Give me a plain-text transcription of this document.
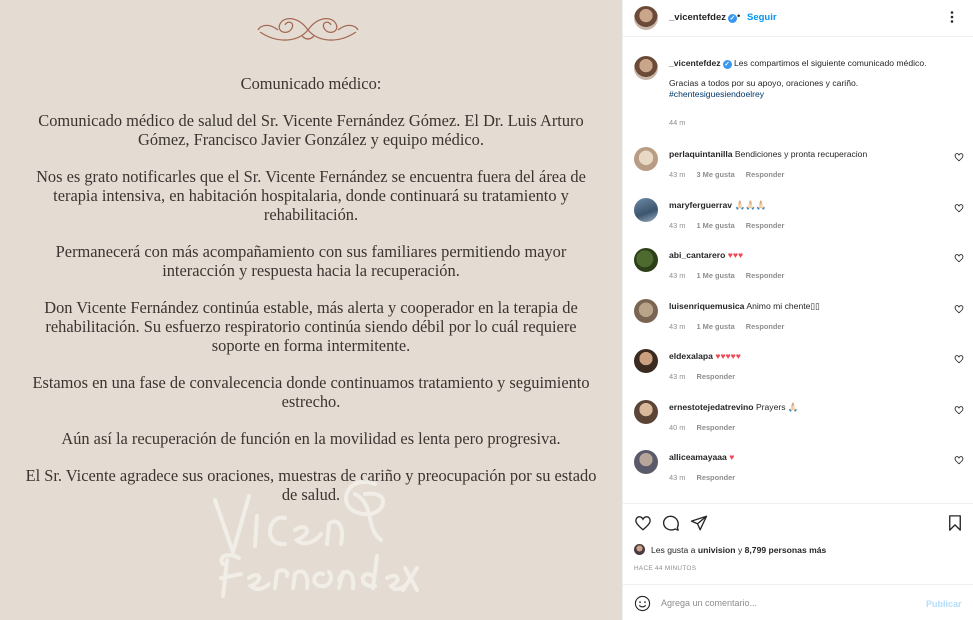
Comunicado médico:

Comunicado médico de salud del Sr. Vicente Fernández Gómez. El Dr. Luis Arturo Gómez, Francisco Javier González y equipo médico.

Nos es grato notificarles que el Sr. Vicente Fernández se encuentra fuera del área de terapia intensiva, en habitación hospitalaria, donde continuará su tratamiento y rehabilitación.

Permanecerá con más acompañamiento con sus familiares permitiendo mayor interacción y respuesta hacia la recuperación.

Don Vicente Fernández continúa estable, más alerta y cooperador en la terapia de rehabilitación. Su esfuerzo respiratorio continúa siendo débil por lo cuál requiere soporte en forma intermitente.

Estamos en una fase de convalecencia donde continuamos tratamiento y seguimiento estrecho.

Aún así la recuperación de función en la movilidad es lenta pero progresiva.

El Sr. Vicente agradece sus oraciones, muestras de cariño y preocupación por su estado de salud.

_vicentefdez ✓ • Seguir
_vicentefdez ✓ Les compartimos el siguiente comunicado médico.
Gracias a todos por su apoyo, oraciones y cariño.
#chentesiguesiendoelrey
44 m
perlaquintanilla Bendiciones y pronta recuperacion
43 m 3 Me gusta Responder
maryferguerrav 🙏🏻🙏🏻🙏🏻
43 m 1 Me gusta Responder
abi_cantarero ♥♥♥
43 m 1 Me gusta Responder
luisenriquemusica Animo mi chente▯▯
43 m 1 Me gusta Responder
eldexalapa ♥♥♥♥♥
43 m Responder
ernestotejedatrevino Prayers 🙏🏻
40 m Responder
alliceamayaaa ♥
43 m Responder
Les gusta a univision y 8,799 personas más
HACE 44 MINUTOS
Agrega un comentario...
Publicar
